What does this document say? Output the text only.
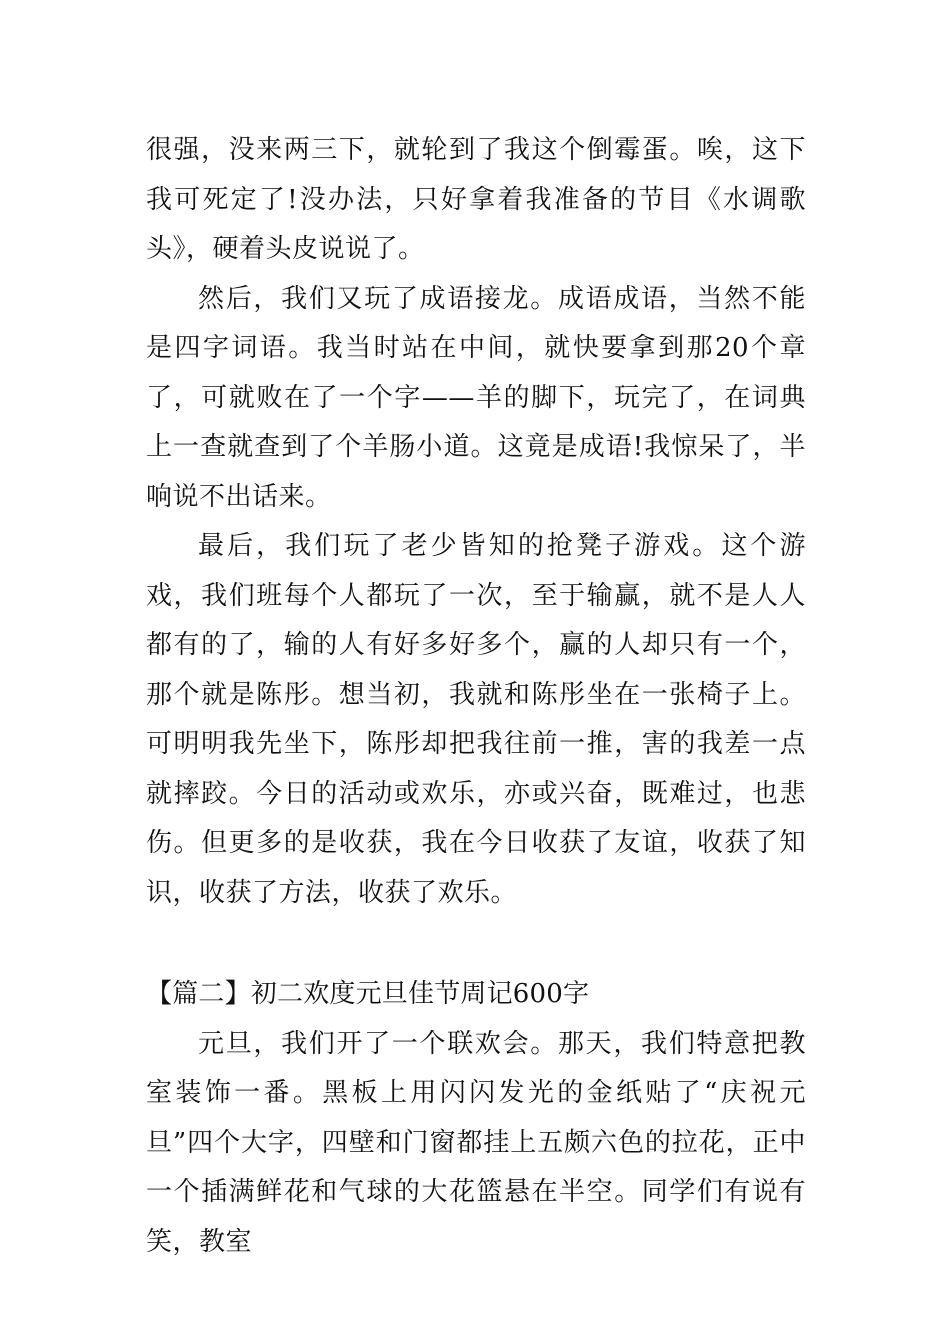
很强，没来两三下，就轮到了我这个倒霉蛋。唉，这下我可死定了!没办法，只好拿着我准备的节目《水调歌头》，硬着头皮说说了。

然后，我们又玩了成语接龙。成语成语，当然不能是四字词语。我当时站在中间，就快要拿到那20个章了，可就败在了一个字——羊的脚下，玩完了，在词典上一查就查到了个羊肠小道。这竟是成语!我惊呆了，半响说不出话来。

最后，我们玩了老少皆知的抢凳子游戏。这个游戏，我们班每个人都玩了一次，至于输赢，就不是人人都有的了，输的人有好多好多个，赢的人却只有一个，那个就是陈彤。想当初，我就和陈彤坐在一张椅子上。可明明我先坐下，陈彤却把我往前一推，害的我差一点就摔跤。今日的活动或欢乐，亦或兴奋，既难过，也悲伤。但更多的是收获，我在今日收获了友谊，收获了知识，收获了方法，收获了欢乐。

【篇二】初二欢度元旦佳节周记600字

元旦，我们开了一个联欢会。那天，我们特意把教室装饰一番。黑板上用闪闪发光的金纸贴了“庆祝元旦”四个大字，四壁和门窗都挂上五颇六色的拉花，正中一个插满鲜花和气球的大花篮悬在半空。同学们有说有笑，教室
